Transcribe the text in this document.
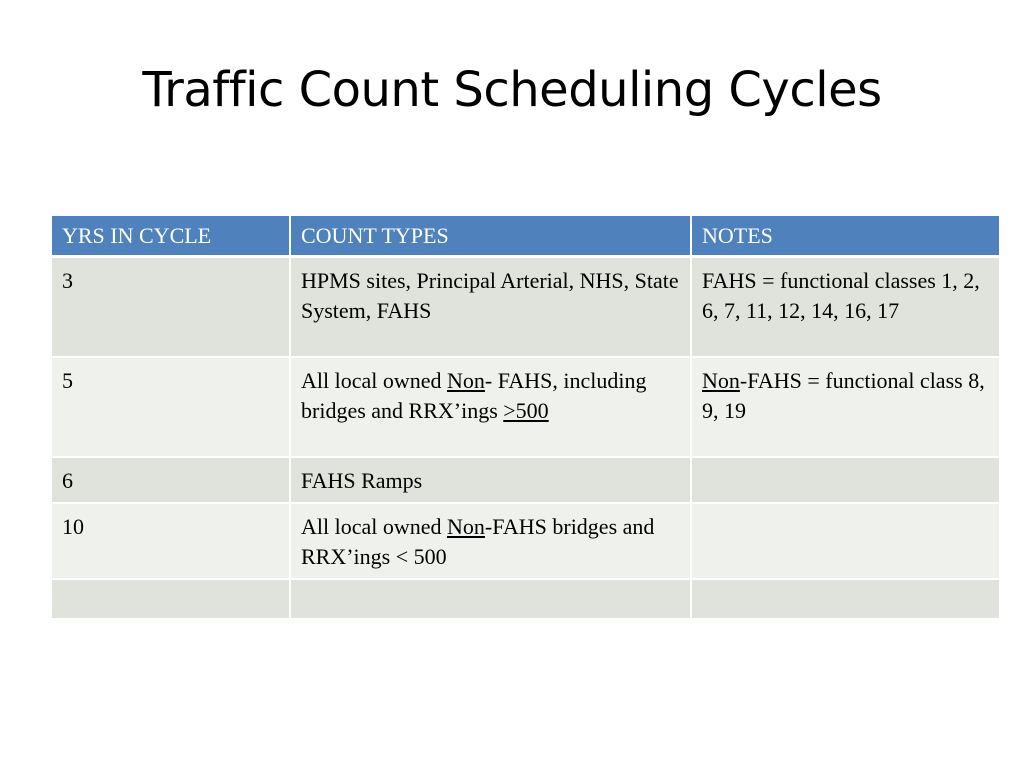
Traffic Count Scheduling Cycles
YRS IN CYCLE	COUNT TYPES	NOTES
3	HPMS sites, Principal Arterial, NHS, State System, FAHS	FAHS = functional classes 1, 2, 6, 7, 11, 12, 14, 16, 17
5	All local owned Non- FAHS, including bridges and RRX’ings >500	Non-FAHS = functional class 8, 9, 19
6	FAHS Ramps	
10	All local owned Non-FAHS bridges and RRX’ings < 500	
